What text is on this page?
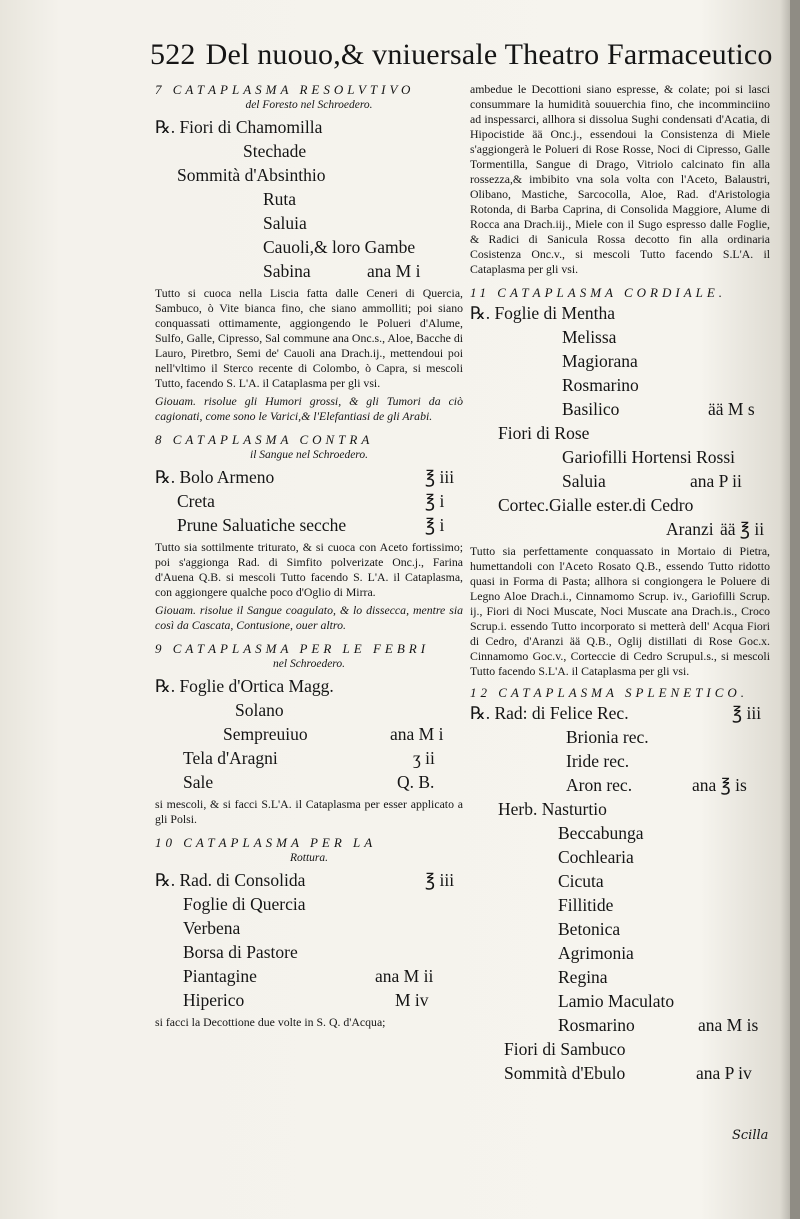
522 Del nuouo,& vniuersale Theatro Farmaceutico
7 CATАPLASMA RESOLVTIVO
del Foresto nel Schroedero.
℞. Fiori di Chamomilla
Stechade
Sommità d'Absinthio
Ruta
Saluia
Cauoli,& loro Gambe
Sabina	ana M i
Tutto si cuoca nella Liscia fatta dalle Ceneri di Quercia, Sambuco, ò Vite bianca fino, che siano ammolliti; poi siano conquassati ottimamente, aggiongendo le Polueri d'Alume, Sulfo, Galle, Cipresso, Sal commune ana Onc.s., Aloe, Bacche di Lauro, Piretbro, Semi de' Cauoli ana Drach.ij., mettendoui poi nell'vltimo il Sterco recente di Colombo, ò Capra, si mescoli Tutto, facendo S. L'A. il Cataplasma per gli vsi.
Giouam. risolue gli Humori grossi, & gli Tumori da ciò cagionati, come sono le Varici,& l'Elefantiasi de gli Arabi.
8 CATАPLASMA CONTRA
il Sangue nel Schroedero.
℞. Bolo Armeno	℥ iii
Creta	℥ i
Prune Saluatiche secche	℥ i
Tutto sia sottilmente triturato, & si cuoca con Aceto fortissimo; poi s'aggionga Rad. di Simfito polverizate Onc.j., Farina d'Auena Q.B. si mescoli Tutto facendo S. L'A. il Cataplasma, con aggiongere qualche poco d'Oglio di Mirra.
Giouam. risolue il Sangue coagulato, & lo dissecca, mentre sia così da Cascata, Contusione, ouer altro.
9 CATАPLASMA PER LE FEBRI
nel Schroedero.
℞. Foglie d'Ortica Magg.
Solano
Sempreuiuo	ana M i
Tela d'Aragni	ʒ ii
Sale	Q. B.
si mescoli, & si facci S.L'A. il Cataplasma per esser applicato a gli Polsi.
10 CATАPLASMA PER LA
Rottura.
℞. Rad. di Consolida	℥ iii
Foglie di Quercia
Verbena
Borsa di Pastore
Piantagine	ana M ii
Hiperico	M iv
si facci la Decottione due volte in S. Q. d'Acqua;
ambedue le Decottioni siano espresse, & colate; poi si lasci consummare la humidità souuerchia fino, che incomminciino ad inspessarci, allhora si dissolua Sughi condensati d'Acatia, di Hipocistide ää Onc.j., essendoui la Consistenza di Miele s'aggiongerà le Polueri di Rose Rosse, Noci di Cipresso, Galle Tormentilla, Sangue di Drago, Vitriolo calcinato fin alla rossezza,& imbibito vna sola volta con l'Aceto, Balaustri, Olibano, Mastiche, Sarcocolla, Aloe, Rad. d'Aristologia Rotonda, di Barba Caprina, di Consolida Maggiore, Alume di Rocca ana Drach.iij., Miele con il Sugo espresso dalle Foglie, & Radici di Sanicula Rossa decotto fin alla ordinaria Cosistenza Onc.v., si mescoli Tutto facendo S.L'A. il Cataplasma per gli vsi.
11 CATАPLASMA CORDIALE.
℞. Foglie di Mentha
Melissa
Magiorana
Rosmarino
Basilico	ää M s
Fiori di Rose
Gariofilli Hortensi Rossi
Saluia	ana P ii
Cortec.Gialle ester.di Cedro
Aranzi ää ℥ ii
Tutto sia perfettamente conquassato in Mortaio di Pietra, humettandoli con l'Aceto Rosato Q.B., essendo Tutto ridotto quasi in Forma di Pasta; allhora si congiongera le Poluere di Legno Aloe Drach.i., Cinnamomo Scrup. iv., Gariofilli Scrup. ij., Fiori di Noci Muscate, Noci Muscate ana Drach.is., Croco Scrup.i. essendo Tutto incorporato si metterà dell' Acqua Fiori di Cedro, d'Aranzi ää Q.B., Oglij distillati di Rose Goc.x. Cinnamomo Goc.v., Corteccie di Cedro Scrupul.s., si mescoli Tutto facendo S.L'A. il Cataplasma per gli vsi.
12 CATАPLASMA SPLENETICO.
℞. Rad: di Felice Rec.	℥ iii
Brionia rec.
Iride rec.
Aron rec.	ana ℥ is
Herb. Nasturtio
Beccabunga
Cochlearia
Cicuta
Fillitide
Betonica
Agrimonia
Regina
Lamio Maculato
Rosmarino	ana M is
Fiori di Sambuco
Sommità d'Ebulo	ana P iv
Scilla
